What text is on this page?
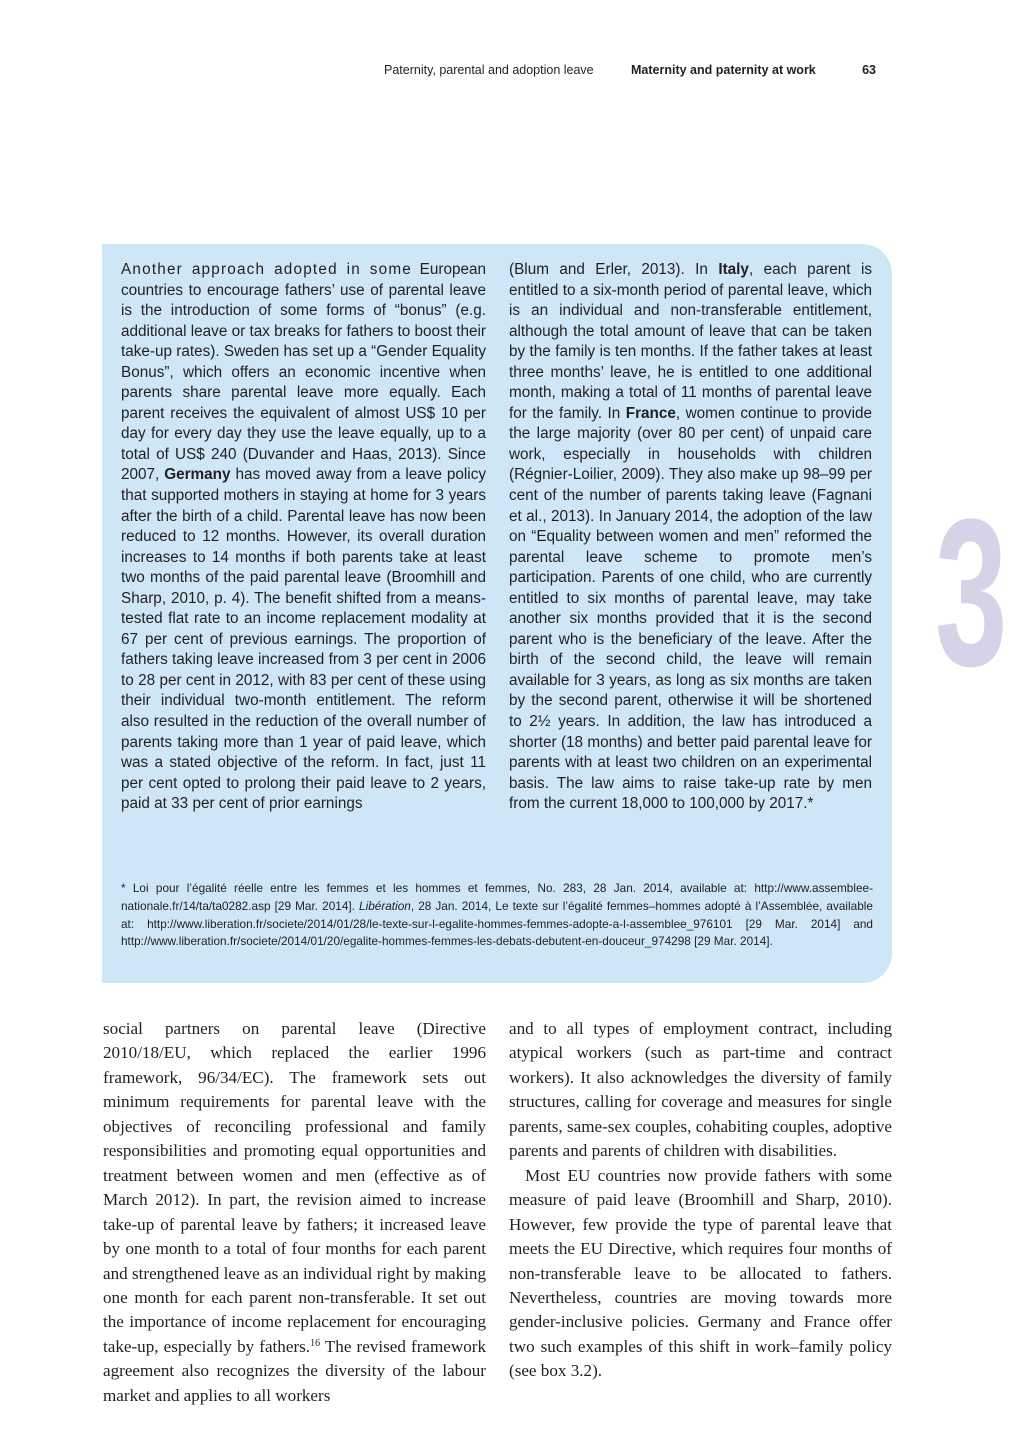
Paternity, parental and adoption leave	Maternity and paternity at work	63
3

Another approach adopted in some European countries to encourage fathers’ use of parental leave is the introduction of some forms of “bonus” (e.g. additional leave or tax breaks for fathers to boost their take-up rates). Sweden has set up a “Gender Equality Bonus”, which offers an economic incentive when parents share parental leave more equally. Each parent receives the equivalent of almost US$ 10 per day for every day they use the leave equally, up to a total of US$ 240 (Duvander and Haas, 2013). Since 2007, Germany has moved away from a leave policy that supported mothers in staying at home for 3 years after the birth of a child. Parental leave has now been reduced to 12 months. However, its overall duration increases to 14 months if both parents take at least two months of the paid parental leave (Broomhill and Sharp, 2010, p. 4). The benefit shifted from a means-tested flat rate to an income replacement modality at 67 per cent of previous earnings. The proportion of fathers taking leave increased from 3 per cent in 2006 to 28 per cent in 2012, with 83 per cent of these using their individual two-month entitlement. The reform also resulted in the reduction of the overall number of parents taking more than 1 year of paid leave, which was a stated objective of the reform. In fact, just 11 per cent opted to prolong their paid leave to 2 years, paid at 33 per cent of prior earnings

(Blum and Erler, 2013). In Italy, each parent is entitled to a six-month period of parental leave, which is an individual and non-transferable entitlement, although the total amount of leave that can be taken by the family is ten months. If the father takes at least three months’ leave, he is entitled to one additional month, making a total of 11 months of parental leave for the family. In France, women continue to provide the large majority (over 80 per cent) of unpaid care work, especially in households with children (Régnier-Loilier, 2009). They also make up 98–99 per cent of the number of parents taking leave (Fagnani et al., 2013). In January 2014, the adoption of the law on “Equality between women and men” reformed the parental leave scheme to promote men’s participation. Parents of one child, who are currently entitled to six months of parental leave, may take another six months provided that it is the second parent who is the beneficiary of the leave. After the birth of the second child, the leave will remain available for 3 years, as long as six months are taken by the second parent, otherwise it will be shortened to 2½ years. In addition, the law has introduced a shorter (18 months) and better paid parental leave for parents with at least two children on an experimental basis. The law aims to raise take-up rate by men from the current 18,000 to 100,000 by 2017.*

* Loi pour l’égalité réelle entre les femmes et les hommes et femmes, No. 283, 28 Jan. 2014, available at: http://www.assemblee-nationale.fr/14/ta/ta0282.asp [29 Mar. 2014]. Libération, 28 Jan. 2014, Le texte sur l’égalité femmes–hommes adopté à l’Assemblée, available at: http://www.liberation.fr/societe/2014/01/28/le-texte-sur-l-egalite-hommes-femmes-adopte-a-l-assemblee_976101 [29 Mar. 2014] and http://www.liberation.fr/societe/2014/01/20/egalite-hommes-femmes-les-debats-debutent-en-douceur_974298 [29 Mar. 2014].

social partners on parental leave (Directive 2010/18/EU, which replaced the earlier 1996 framework, 96/34/EC). The framework sets out minimum requirements for parental leave with the objectives of reconciling professional and family responsibilities and promoting equal opportunities and treatment between women and men (effective as of March 2012). In part, the revision aimed to increase take-up of parental leave by fathers; it increased leave by one month to a total of four months for each parent and strengthened leave as an individual right by making one month for each parent non-transferable. It set out the importance of income replacement for encouraging take-up, especially by fathers.$^{16}$ The revised framework agreement also recognizes the diversity of the labour market and applies to all workers

and to all types of employment contract, including atypical workers (such as part-time and contract workers). It also acknowledges the diversity of family structures, calling for coverage and measures for single parents, same-sex couples, cohabiting couples, adoptive parents and parents of children with disabilities.

Most EU countries now provide fathers with some measure of paid leave (Broomhill and Sharp, 2010). However, few provide the type of parental leave that meets the EU Directive, which requires four months of non-transferable leave to be allocated to fathers. Nevertheless, countries are moving towards more gender-inclusive policies. Germany and France offer two such examples of this shift in work–family policy (see box 3.2).
